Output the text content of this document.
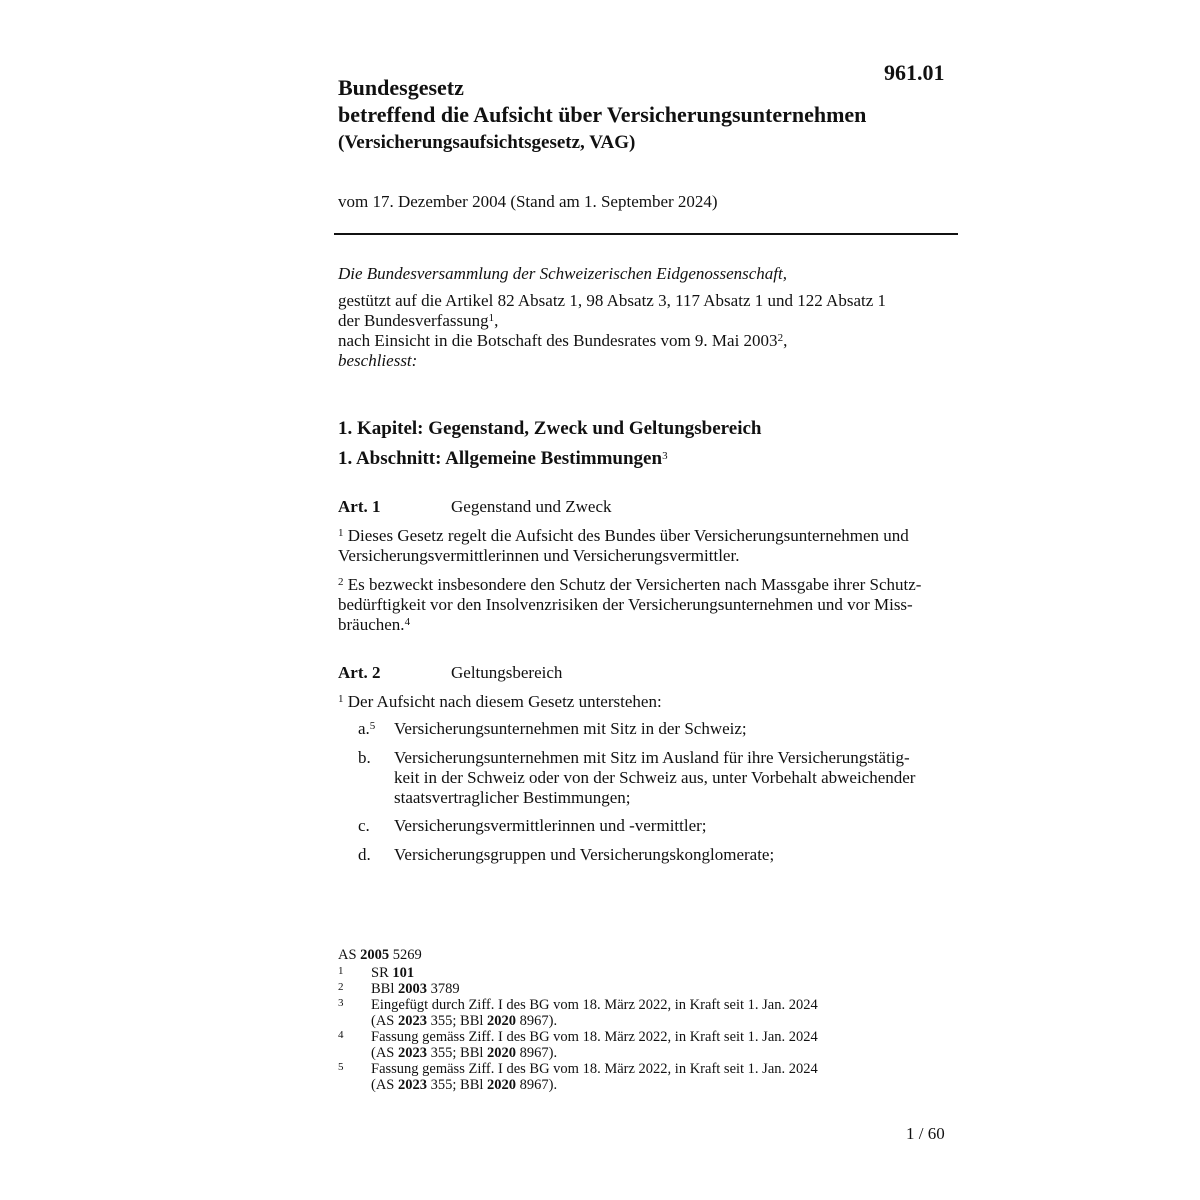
961.01
Bundesgesetz
betreffend die Aufsicht über Versicherungsunternehmen
(Versicherungsaufsichtsgesetz, VAG)
vom 17. Dezember 2004 (Stand am 1. September 2024)

Die Bundesversammlung der Schweizerischen Eidgenossenschaft,

gestützt auf die Artikel 82 Absatz 1, 98 Absatz 3, 117 Absatz 1 und 122 Absatz 1

der Bundesverfassung$^1$,

nach Einsicht in die Botschaft des Bundesrates vom 9. Mai 2003$^2$,

beschliesst:

1. Kapitel: Gegenstand, Zweck und Geltungsbereich
1. Abschnitt: Allgemeine Bestimmungen$^3$
Art. 1	Gegenstand und Zweck

$^1$ Dieses Gesetz regelt die Aufsicht des Bundes über Versicherungsunternehmen und Versicherungsvermittlerinnen und Versicherungsvermittler.

$^2$ Es bezweckt insbesondere den Schutz der Versicherten nach Massgabe ihrer Schutz-
bedürftigkeit vor den Insolvenzrisiken der Versicherungsunternehmen und vor Miss-
bräuchen.$^4$

Art. 2	Geltungsbereich

$^1$ Der Aufsicht nach diesem Gesetz unterstehen:

a.$^5$	Versicherungsunternehmen mit Sitz in der Schweiz;
b.	Versicherungsunternehmen mit Sitz im Ausland für ihre Versicherungstätig-
keit in der Schweiz oder von der Schweiz aus, unter Vorbehalt abweichender
staatsvertraglicher Bestimmungen;
c.	Versicherungsvermittlerinnen und -vermittler;
d.	Versicherungsgruppen und Versicherungskonglomerate;

AS 2005 5269

1	SR 101
2	BBl 2003 3789
3	Eingefügt durch Ziff. I des BG vom 18. März 2022, in Kraft seit 1. Jan. 2024
(AS 2023 355; BBl 2020 8967).
4	Fassung gemäss Ziff. I des BG vom 18. März 2022, in Kraft seit 1. Jan. 2024
(AS 2023 355; BBl 2020 8967).
5	Fassung gemäss Ziff. I des BG vom 18. März 2022, in Kraft seit 1. Jan. 2024
(AS 2023 355; BBl 2020 8967).
1 / 60
